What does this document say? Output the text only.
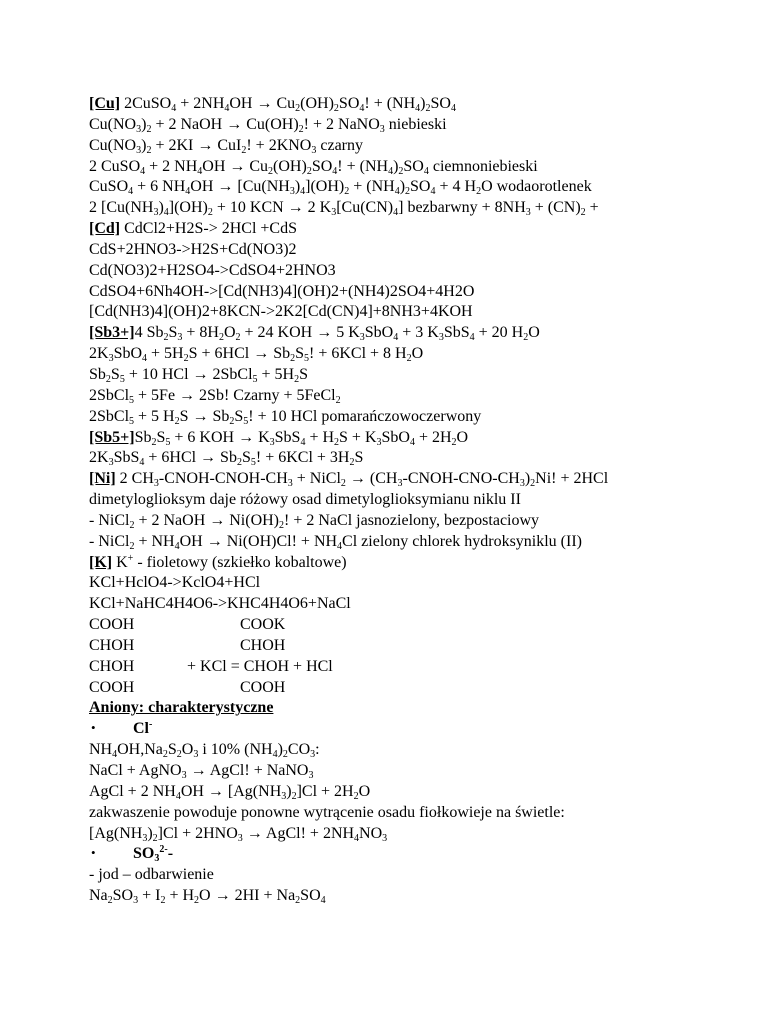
[Cu] 2CuSO$_4$ + $2NH_4OH \to Cu_2(OH)_2SO_4$! + $(NH_4)_2SO_4$
$Cu(NO_3)_2 + 2$ NaOH → $Cu(OH)_2$! + 2 NaNO$_3$ niebieski
$Cu(NO_3)_2 + 2KI \to CuI_2$! + $2KNO_3$ czarny
2 CuSO$_4$ + 2 $NH_4OH \to Cu_2(OH)_2SO_4$! + $(NH_4)_2SO_4$ ciemnoniebieski
CuSO$_4$ + 6 $NH_4OH \to [Cu(NH_3)_4](OH)_2 + (NH_4)_2SO_4 + 4$ $H_2O$ wodaorotlenek
2 $[Cu(NH_3)_4](OH)_2 + 10$ KCN → 2 $K_3[Cu(CN)_4]$ bezbarwny + $8NH_3 + (CN)_2$ +
[Cd] CdCl2+H2S-> 2HCl +CdS
CdS+2HNO3->H2S+Cd(NO3)2
Cd(NO3)2+H2SO4->CdSO4+2HNO3
CdSO4+6Nh4OH->[Cd(NH3)4](OH)2+(NH4)2SO4+4H2O
[Cd(NH3)4](OH)2+8KCN->2K2[Cd(CN)4]+8NH3+4KOH
[Sb3+]4 $Sb_2S_3 + 8H_2O_2 + 24$ KOH → 5 $K_3SbO_4 + 3$ $K_3SbS_4 + 20$ $H_2O$
$2K_3SbO_4 + 5H_2S + 6HCl \to Sb_2S_5$! + 6KCl + 8 $H_2O$
$Sb_2S_5 + 10$ HCl → 2SbCl$_5$ + $5H_2S$
2SbCl$_5$ + 5Fe → 2Sb! Czarny + 5FeCl$_2$
2SbCl$_5$ + 5 $H_2S \to Sb_2S_5$! + 10 HCl pomarańczowoczerwony
$[Sb5+]Sb_2S_5 + 6$ KOH → $K_3SbS_4 + H_2S + K_3SbO_4 + 2H_2O$
$2K_3SbS_4 + 6HCl \to Sb_2S_5$! + $6KCl + 3H_2S$
[Ni] 2 $CH_3-CNOH-CNOH-CH_3$ + NiCl$_2$ → $(CH_3-CNOH-CNO-CH_3)_2Ni$! + 2HCl
dimetyloglioksym daje różowy osad dimetyloglioksymianu niklu II
- NiCl$_2$ + 2 NaOH → $Ni(OH)_2$! + 2 NaCl jasnozielony, bezpostaciowy
- NiCl$_2$ + $NH_4OH \to Ni(OH)Cl$! + $NH_4Cl$ zielony chlorek hydroksyniklu (II)
[K] K+ - fioletowy (szkiełko kobaltowe)
KCl+HclO4->KclO4+HCl
KCl+NaHC4H4O6->KHC4H4O6+NaCl
COOH	COOK
CHOH	CHOH
CHOH	+ KCl = CHOH + HCl
COOH	COOH
Aniony: charakterystyczne
• Cl-
$NH_4OH,Na_2S_2O_3$ i 10% $(NH_4)_2CO_3$:
NaCl + AgNO$_3$ → AgCl! + NaNO$_3$
AgCl + 2 $NH_4OH \to [Ag(NH_3)_2]Cl + 2H_2O$
zakwaszenie powoduje ponowne wytrącenie osadu fiołkowieje na świetle:
$[Ag(NH_3)_2]Cl + 2HNO_3$ → AgCl! + $2NH_4NO_3$
• $SO_3^{2-}-$
- jod – odbarwienie
$Na_2SO_3 + I_2 + H_2O \to 2HI + Na_2SO_4$
